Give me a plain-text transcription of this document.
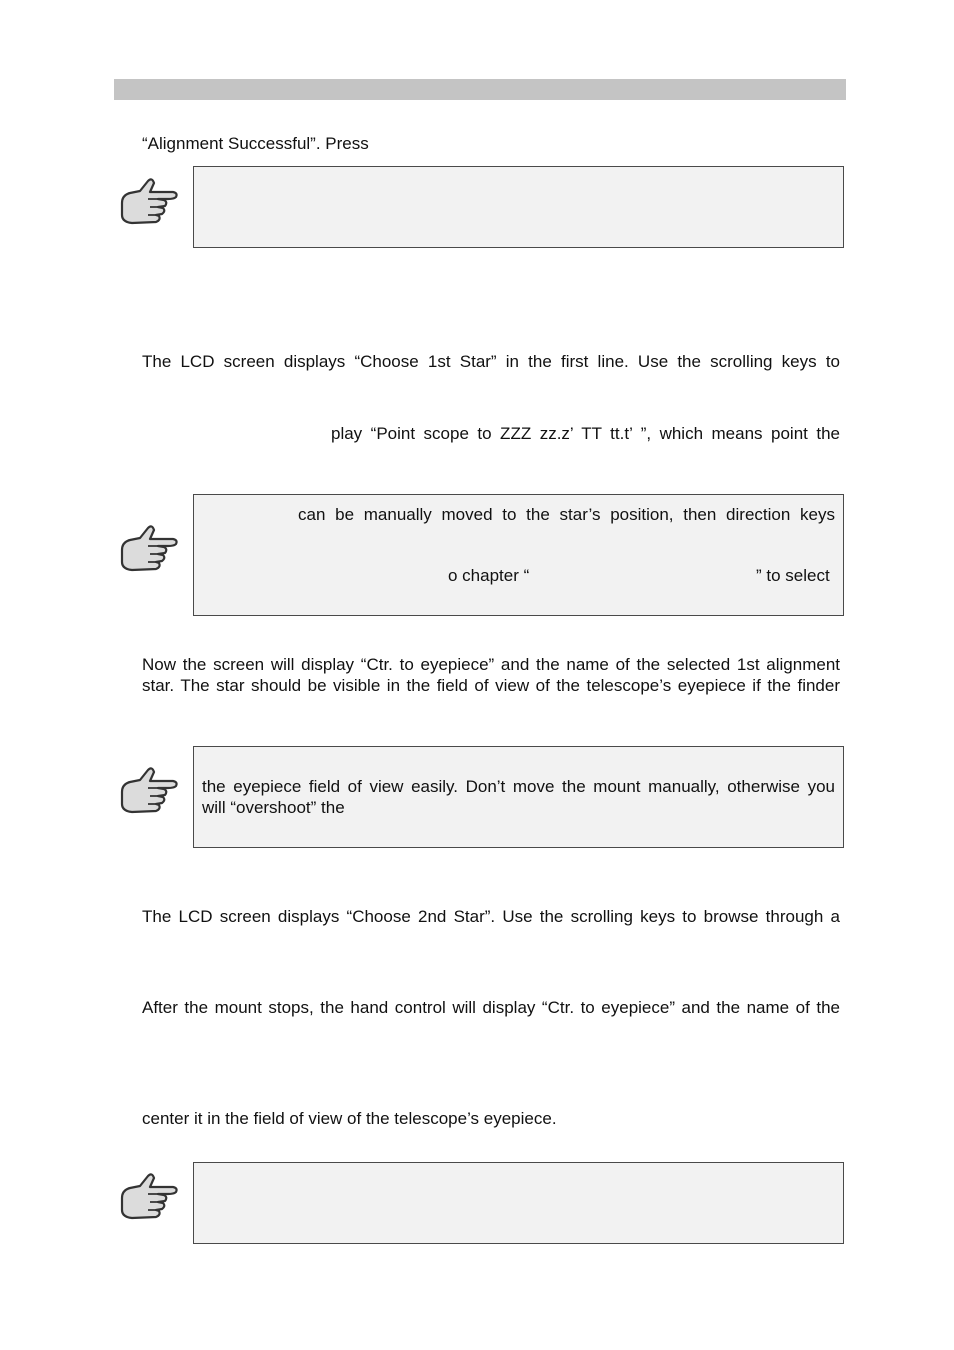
“Alignment Successful”. Press
The LCD screen displays “Choose 1st Star” in the first line. Use the scrolling keys to
play “Point scope to ZZZ zz.z’ TT tt.t’ ”, which means point the
can be manually moved to the star’s position, then direction keys
o chapter “	” to select
Now the screen will display “Ctr. to eyepiece” and the name of the selected 1st alignment
star. The star should be visible in the field of view of the telescope’s eyepiece if the finder
the eyepiece field of view easily. Don’t move the mount manually, otherwise you
will “overshoot” the
The LCD screen displays “Choose 2nd Star”. Use the scrolling keys to browse through a
After the mount stops, the hand control will display “Ctr. to eyepiece” and the name of the
center it in the field of view of the telescope’s eyepiece.
